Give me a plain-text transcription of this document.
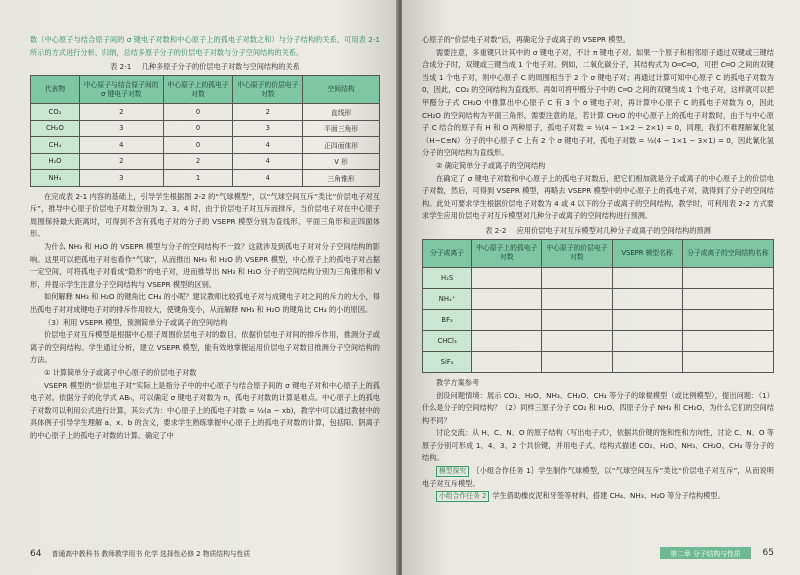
数（中心原子与结合原子间的 σ 键电子对数和中心原子上的孤电子对数之和）与分子结构的关系，可用表 2-1 所示的方式进行分析、归纳，总结多原子分子的价层电子对数与分子空间结构的关系。

表 2-1 几种多原子分子的价层电子对数与空间结构的关系
代表物	中心原子与结合原子间的 σ 键电子对数	中心原子上的孤电子对数	中心原子的价层电子对数	空间结构
CO₂	2	0	2	直线形
CH₂O	3	0	3	平面三角形
CH₄	4	0	4	正四面体形
H₂O	2	2	4	V 形
NH₃	3	1	4	三角锥形

在完成表 2-1 内容的基础上，引导学生根据图 2-2 的“气球模型”，以“气球空间互斥”类比“价层电子对互斥”，推导中心原子价层电子对数分别为 2、3、4 时，由于价层电子对互斥而排斥，当价层电子对在中心原子周围保持最大距离时，可得到不含有孤电子对的分子的 VSEPR 模型分别为直线形、平面三角形和正四面体形。

为什么 NH₃ 和 H₂O 的 VSEPR 模型与分子的空间结构不一致？这就涉及到孤电子对对分子空间结构的影响。这里可以把孤电子对也看作“气球”，从而推出 NH₃ 和 H₂O 的 VSEPR 模型，中心原子上的孤电子对占据一定空间，可将孤电子对看成“隐形”的电子对，进而推导出 NH₃ 和 H₂O 分子的空间结构分别为三角锥形和 V 形，并提示学生注意分子空间结构与 VSEPR 模型的区别。

如何解释 NH₃ 和 H₂O 的键角比 CH₄ 的小呢？建议教师比较孤电子对与成键电子对之间的斥力的大小，得出孤电子对对成键电子对的排斥作用较大，使键角变小，从而解释 NH₃ 和 H₂O 的键角比 CH₄ 的小的原因。

（3）利用 VSEPR 模型，预测简单分子或离子的空间结构

价层电子对互斥模型是根据中心原子周围价层电子对的数目，依据价层电子对间的排斥作用，推测分子或离子的空间结构。学生通过分析，建立 VSEPR 模型，能有效地掌握运用价层电子对数目推测分子空间结构的方法。

① 计算简单分子或离子中心原子的价层电子对数

VSEPR 模型的“价层电子对”实际上是指分子中的中心原子与结合原子间的 σ 键电子对和中心原子上的孤电子对。依据分子的化学式 ABₙ，可以确定 σ 键电子对数为 n，孤电子对数的计算是难点。中心原子上的孤电子对数可以利用公式进行计算，其公式为：中心原子上的孤电子对数 = ½(a − xb)，教学中可以通过教材中的具体例子引导学生理解 a、x、b 的含义，要求学生熟练掌握中心原子上的孤电子对数的计算，包括阳、阴离子的中心原子上的孤电子对数的计算。确定了中

64 普通高中教科书 教师教学用书 化学 选择性必修 2 物质结构与性质

心原子的“价层电子对数”后，再确定分子或离子的 VSEPR 模型。

需要注意，多重键只计其中的 σ 键电子对，不计 π 键电子对。如果一个原子和相邻原子通过双键或三键结合成分子时，双键或三键当成 1 个电子对。例如，二氧化碳分子，其结构式为 O═C═O，可把 C═O 之间的双键当成 1 个电子对，则中心原子 C 的周围相当于 2 个 σ 键电子对；再通过计算可知中心原子 C 的孤电子对数为 0，因此，CO₂ 的空间结构为直线形。再如可将甲醛分子中的 C═O 之间的双键当成 1 个电子对，这样就可以把甲醛分子式 CH₂O 中推算出中心原子 C 有 3 个 σ 键电子对，再计算中心原子 C 的孤电子对数为 0，因此 CH₂O 的空间结构为平面三角形。需要注意的是，若计算 CH₂O 的中心原子上的孤电子对数时，由于与中心原子 C 结合的原子有 H 和 O 两种原子，孤电子对数 = ½(4 − 1×2 − 2×1) = 0，同理，我们不难理解氰化氢（H−C≡N）分子的中心原子 C 上有 2 个 σ 键电子对，孤电子对数 = ½(4 − 1×1 − 3×1) = 0，因此氰化氢分子的空间结构为直线形。

② 确定简单分子或离子的空间结构

在确定了 σ 键电子对数和中心原子上的孤电子对数后，把它们相加就是分子或离子的中心原子上的价层电子对数，然后，可得到 VSEPR 模型，再略去 VSEPR 模型中的中心原子上的孤电子对，就得到了分子的空间结构。此处可要求学生根据价层电子对数为 4 或 4 以下的分子或离子的空间结构，教学时，可利用表 2-2 方式要求学生应用价层电子对互斥模型对几种分子或离子的空间结构进行预测。

表 2-2 应用价层电子对互斥模型对几种分子或离子的空间结构的预测
分子或离子	中心原子上的孤电子对数	中心原子的价层电子对数	VSEPR 模型名称	分子或离子的空间结构名称
H₂S				
NH₄⁺				
BF₃				
CHCl₃				
SiF₄				

教学方案参考

创设问题情境：展示 CO₂、H₂O、NH₃、CH₂O、CH₄ 等分子的球棍模型（或比例模型），提出问题：（1）什么是分子的空间结构？（2）同样三原子分子 CO₂ 和 H₂O、四原子分子 NH₃ 和 CH₂O，为什么它们的空间结构不同？

讨论交流：从 H、C、N、O 的原子结构（写出电子式），依据共价键的饱和性和方向性，讨论 C、N、O 等原子分别可形成 1、4、3、2 个共价键，并用电子式、结构式描述 CO₂、H₂O、NH₃、CH₂O、CH₄ 等分子的结构。

模型探究 ｛小组合作任务 1｝学生制作气球模型，以“气球空间互斥”类比“价层电子对互斥”，从而说明电子对互斥模型。

小组合作任务 2 学生借助橡皮泥和牙签等材料，搭建 CH₄、NH₃、H₂O 等分子结构模型。

第二章 分子结构与性质	65
